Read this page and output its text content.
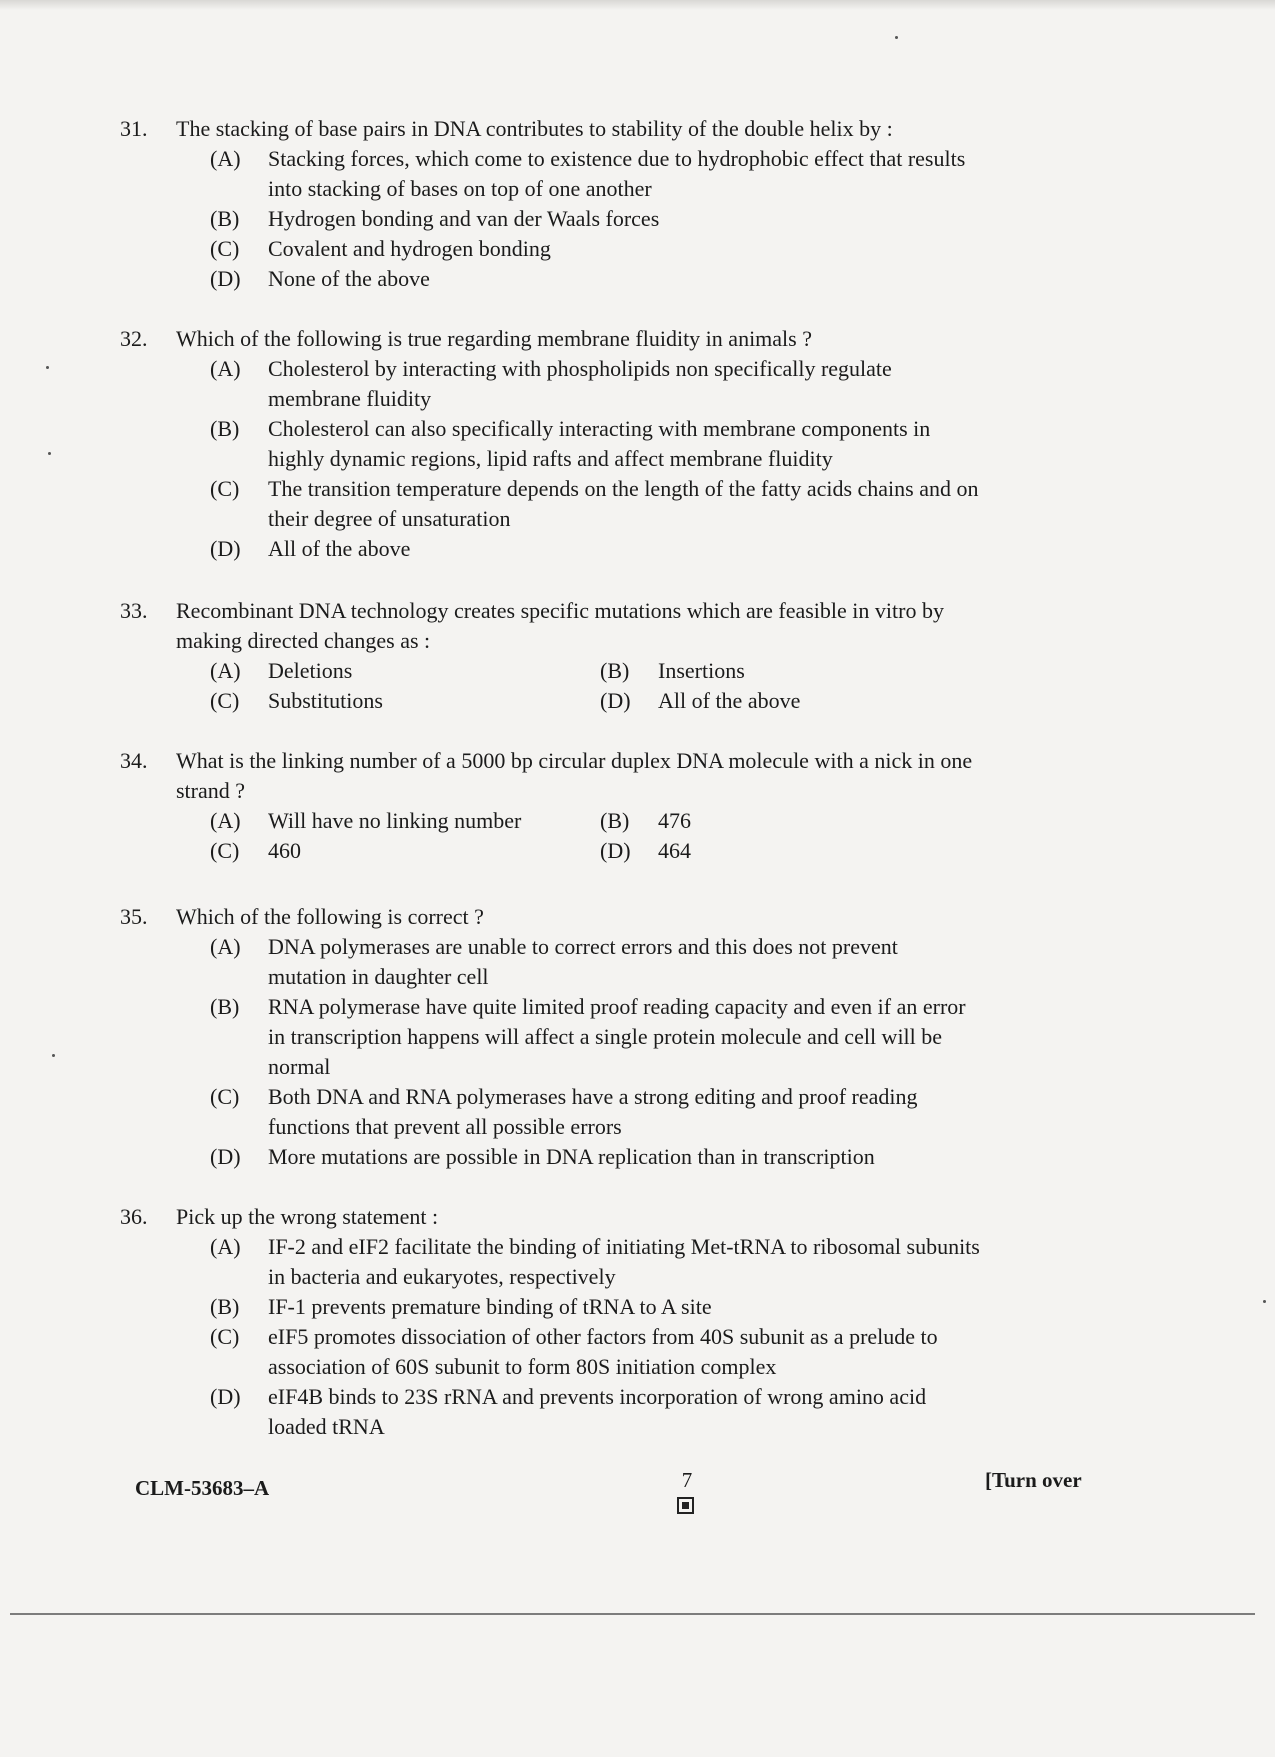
31.	The stacking of base pairs in DNA contributes to stability of the double helix by :
(A)	Stacking forces, which come to existence due to hydrophobic effect that results into stacking of bases on top of one another
(B)	Hydrogen bonding and van der Waals forces
(C)	Covalent and hydrogen bonding
(D)	None of the above
32.	Which of the following is true regarding membrane fluidity in animals ?
(A)	Cholesterol by interacting with phospholipids non specifically regulate membrane fluidity
(B)	Cholesterol can also specifically interacting with membrane components in highly dynamic regions, lipid rafts and affect membrane fluidity
(C)	The transition temperature depends on the length of the fatty acids chains and on their degree of unsaturation
(D)	All of the above
33.	Recombinant DNA technology creates specific mutations which are feasible in vitro by making directed changes as :
(A)	Deletions	(B)	Insertions
(C)	Substitutions	(D)	All of the above
34.	What is the linking number of a 5000 bp circular duplex DNA molecule with a nick in one strand ?
(A)	Will have no linking number	(B)	476
(C)	460	(D)	464
35.	Which of the following is correct ?
(A)	DNA polymerases are unable to correct errors and this does not prevent mutation in daughter cell
(B)	RNA polymerase have quite limited proof reading capacity and even if an error in transcription happens will affect a single protein molecule and cell will be normal
(C)	Both DNA and RNA polymerases have a strong editing and proof reading functions that prevent all possible errors
(D)	More mutations are possible in DNA replication than in transcription
36.	Pick up the wrong statement :
(A)	IF-2 and eIF2 facilitate the binding of initiating Met-tRNA to ribosomal subunits in bacteria and eukaryotes, respectively
(B)	IF-1 prevents premature binding of tRNA to A site
(C)	eIF5 promotes dissociation of other factors from 40S subunit as a prelude to association of 60S subunit to form 80S initiation complex
(D)	eIF4B binds to 23S rRNA and prevents incorporation of wrong amino acid loaded tRNA
CLM-53683–A	7	[Turn over
